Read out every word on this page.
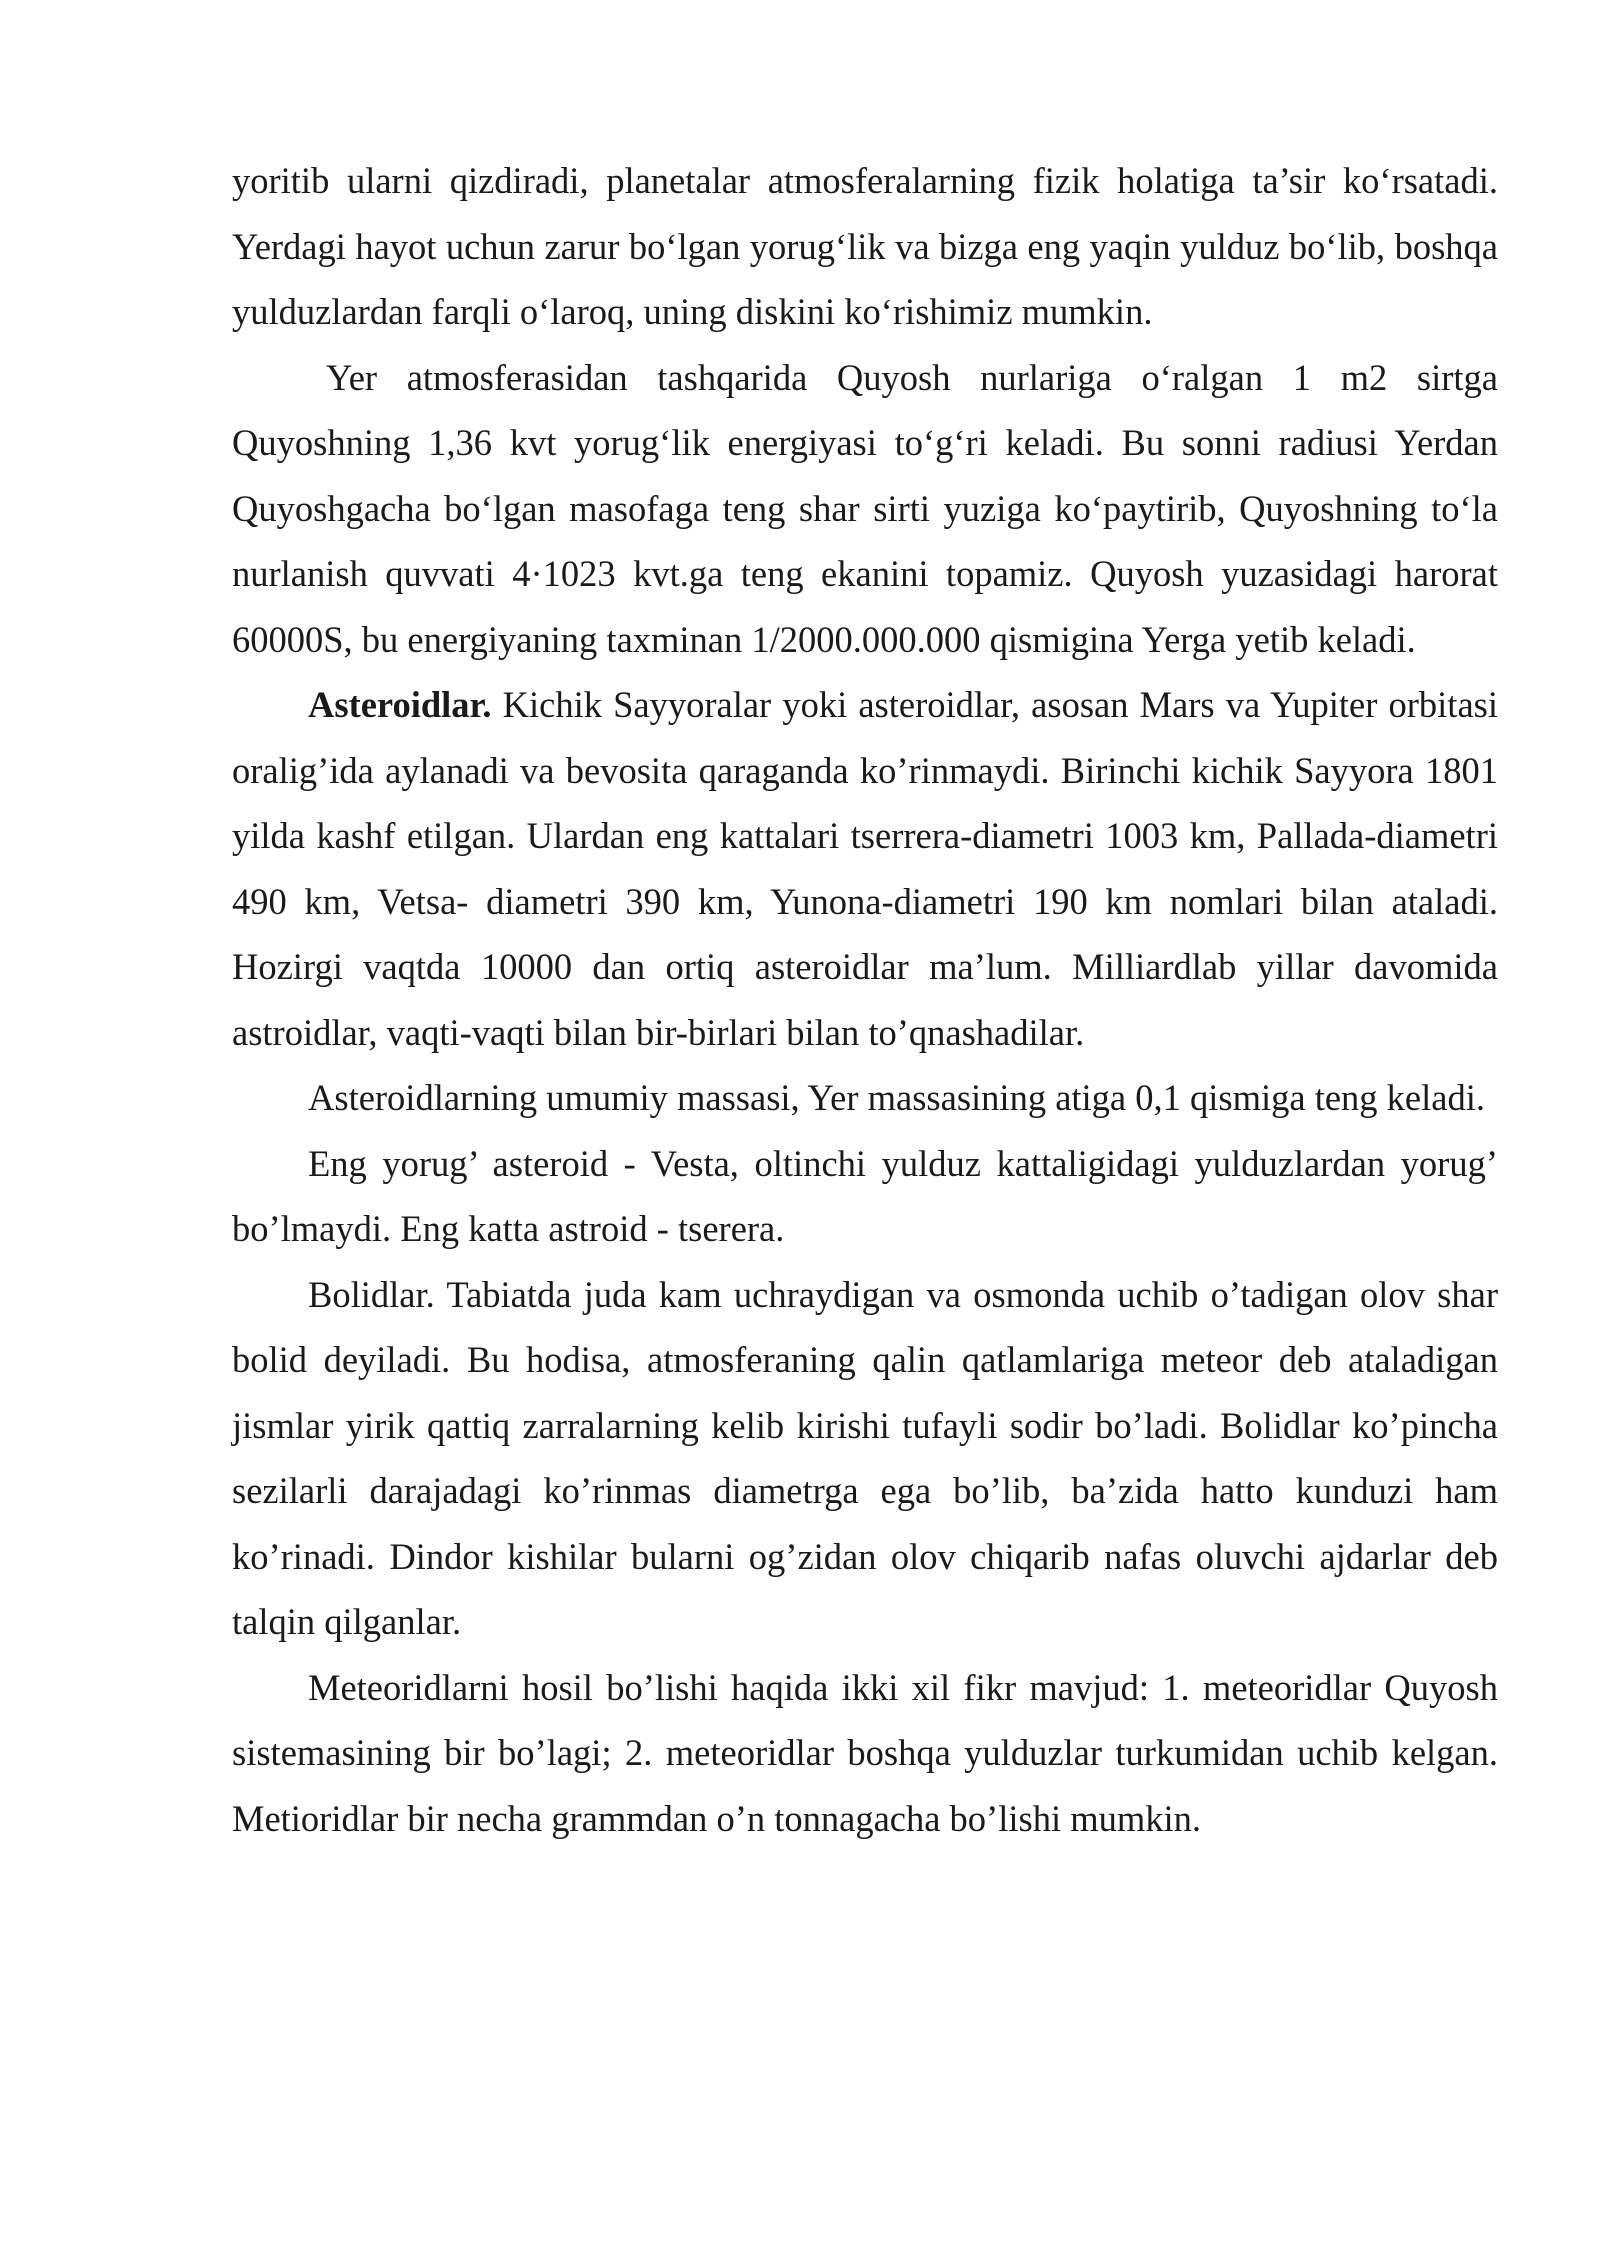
yoritib ularni qizdiradi, planetalar atmosferalarning fizik holatiga ta’sir ko‘rsatadi. Yerdagi hayot uchun zarur bo‘lgan yorug‘lik va bizga eng yaqin yulduz bo‘lib, boshqa yulduzlardan farqli o‘laroq, uning diskini ko‘rishimiz mumkin.

Yer atmosferasidan tashqarida Quyosh nurlariga o‘ralgan 1 m2 sirtga Quyoshning 1,36 kvt yorug‘lik energiyasi to‘g‘ri keladi. Bu sonni radiusi Yerdan Quyoshgacha bo‘lgan masofaga teng shar sirti yuziga ko‘paytirib, Quyoshning to‘la nurlanish quvvati 4·1023 kvt.ga teng ekanini topamiz. Quyosh yuzasidagi harorat 60000S, bu energiyaning taxminan 1/2000.000.000 qismigina Yerga yetib keladi.

Asteroidlar. Kichik Sayyoralar yoki asteroidlar, asosan Mars va Yupiter orbitasi oralig’ida aylanadi va bevosita qaraganda ko’rinmaydi. Birinchi kichik Sayyora 1801 yilda kashf etilgan. Ulardan eng kattalari tserrera-diametri 1003 km, Pallada-diametri 490 km, Vetsa- diametri 390 km, Yunona-diametri 190 km nomlari bilan ataladi. Hozirgi vaqtda 10000 dan ortiq asteroidlar ma’lum. Milliardlab yillar davomida astroidlar, vaqti-vaqti bilan bir-birlari bilan to’qnashadilar.

Asteroidlarning umumiy massasi, Yer massasining atiga 0,1 qismiga teng keladi.

Eng yorug’ asteroid - Vesta, oltinchi yulduz kattaligidagi yulduzlardan yorug’ bo’lmaydi. Eng katta astroid - tserera.

Bolidlar. Tabiatda juda kam uchraydigan va osmonda uchib o’tadigan olov shar bolid deyiladi. Bu hodisa, atmosferaning qalin qatlamlariga meteor deb ataladigan jismlar yirik qattiq zarralarning kelib kirishi tufayli sodir bo’ladi. Bolidlar ko’pincha sezilarli darajadagi ko’rinmas diametrga ega bo’lib, ba’zida hatto kunduzi ham ko’rinadi. Dindor kishilar bularni og’zidan olov chiqarib nafas oluvchi ajdarlar deb talqin qilganlar.

Meteoridlarni hosil bo’lishi haqida ikki xil fikr mavjud: 1. meteoridlar Quyosh sistemasining bir bo’lagi; 2. meteoridlar boshqa yulduzlar turkumidan uchib kelgan. Metioridlar bir necha grammdan o’n tonnagacha bo’lishi mumkin.
